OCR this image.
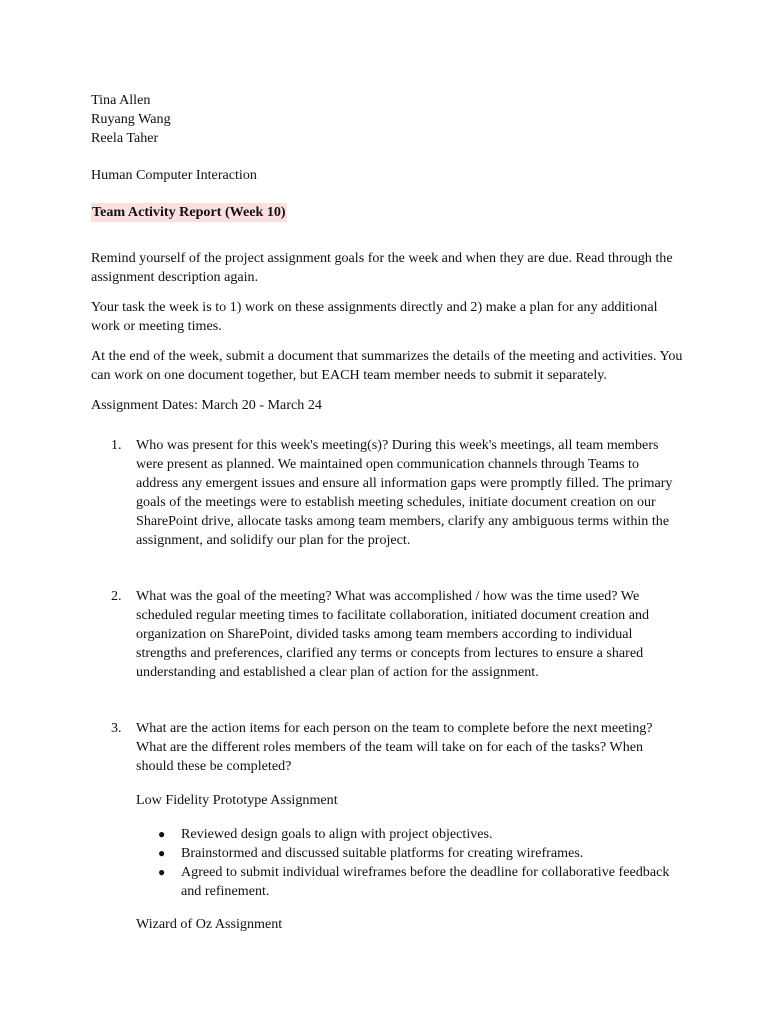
Tina Allen
Ruyang Wang
Reela Taher
Human Computer Interaction
Team Activity Report (Week 10)

Remind yourself of the project assignment goals for the week and when they are due. Read through the assignment description again.

Your task the week is to 1) work on these assignments directly and 2) make a plan for any additional work or meeting times.

At the end of the week, submit a document that summarizes the details of the meeting and activities. You can work on one document together, but EACH team member needs to submit it separately.

Assignment Dates: March 20 - March 24

1. Who was present for this week's meeting(s)? During this week's meetings, all team members were present as planned. We maintained open communication channels through Teams to address any emergent issues and ensure all information gaps were promptly filled. The primary goals of the meetings were to establish meeting schedules, initiate document creation on our SharePoint drive, allocate tasks among team members, clarify any ambiguous terms within the assignment, and solidify our plan for the project.
2. What was the goal of the meeting? What was accomplished / how was the time used? We scheduled regular meeting times to facilitate collaboration, initiated document creation and organization on SharePoint, divided tasks among team members according to individual strengths and preferences, clarified any terms or concepts from lectures to ensure a shared understanding and established a clear plan of action for the assignment.
3. What are the action items for each person on the team to complete before the next meeting? What are the different roles members of the team will take on for each of the tasks? When should these be completed?
Low Fidelity Prototype Assignment
● Reviewed design goals to align with project objectives.
● Brainstormed and discussed suitable platforms for creating wireframes.
● Agreed to submit individual wireframes before the deadline for collaborative feedback and refinement.
Wizard of Oz Assignment
